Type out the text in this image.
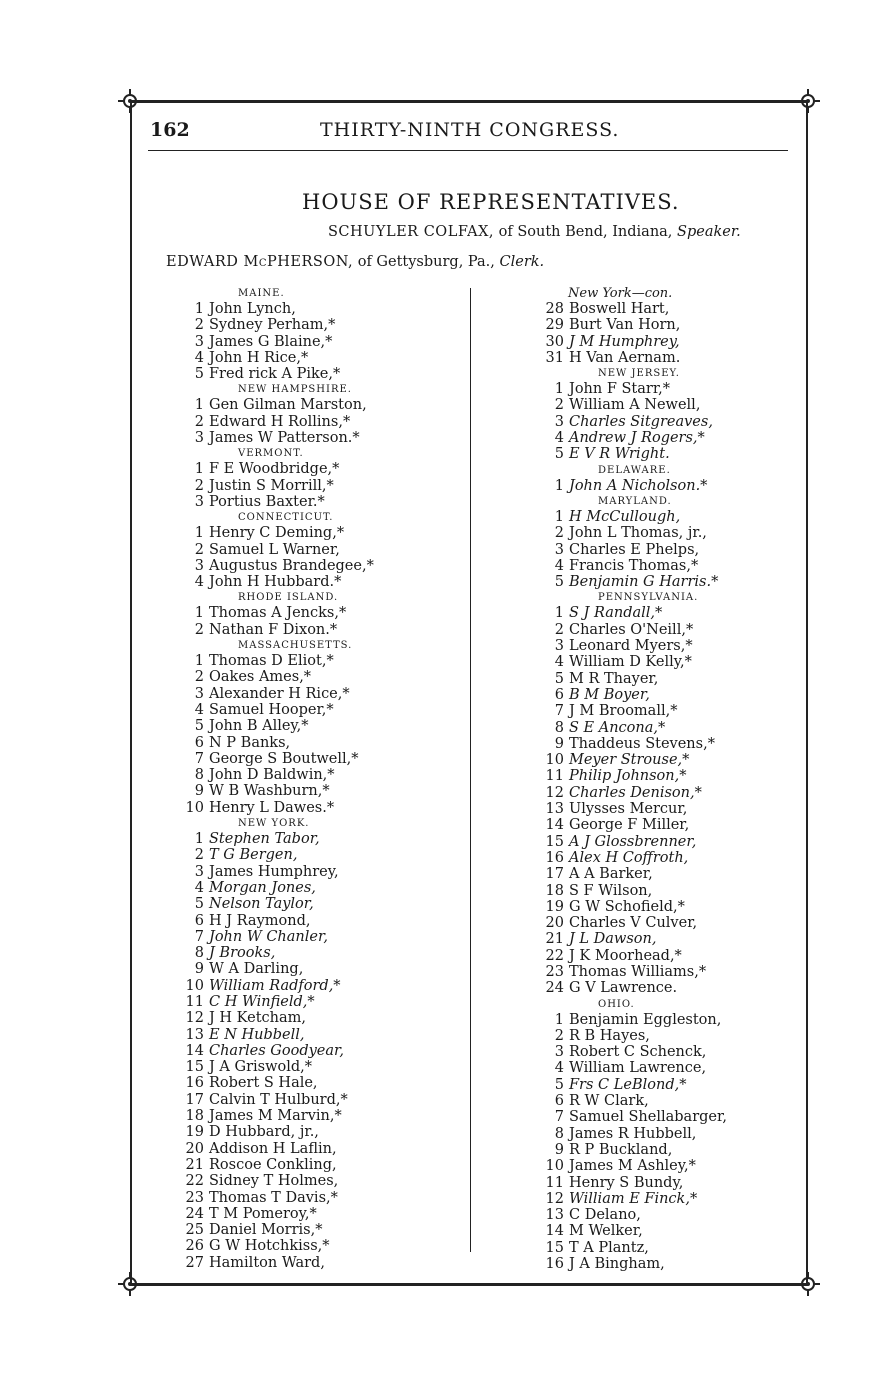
162	THIRTY-NINTH CONGRESS.
HOUSE OF REPRESENTATIVES.
SCHUYLER COLFAX, of South Bend, Indiana, Speaker.
EDWARD McPHERSON, of Gettysburg, Pa., Clerk.
MAINE.
1 John Lynch,
2 Sydney Perham,*
3 James G Blaine,*
4 John H Rice,*
5 Fred rick A Pike,*
NEW HAMPSHIRE.
1 Gen Gilman Marston,
2 Edward H Rollins,*
3 James W Patterson.*
VERMONT.
1 F E Woodbridge,*
2 Justin S Morrill,*
3 Portius Baxter.*
CONNECTICUT.
1 Henry C Deming,*
2 Samuel L Warner,
3 Augustus Brandegee,*
4 John H Hubbard.*
RHODE ISLAND.
1 Thomas A Jencks,*
2 Nathan F Dixon.*
MASSACHUSETTS.
1 Thomas D Eliot,*
2 Oakes Ames,*
3 Alexander H Rice,*
4 Samuel Hooper,*
5 John B Alley,*
6 N P Banks,
7 George S Boutwell,*
8 John D Baldwin,*
9 W B Washburn,*
10 Henry L Dawes.*
NEW YORK.
1 Stephen Tabor,
2 T G Bergen,
3 James Humphrey,
4 Morgan Jones,
5 Nelson Taylor,
6 H J Raymond,
7 John W Chanler,
8 J Brooks,
9 W A Darling,
10 William Radford,*
11 C H Winfield,*
12 J H Ketcham,
13 E N Hubbell,
14 Charles Goodyear,
15 J A Griswold,*
16 Robert S Hale,
17 Calvin T Hulburd,*
18 James M Marvin,*
19 D Hubbard, jr.,
20 Addison H Laflin,
21 Roscoe Conkling,
22 Sidney T Holmes,
23 Thomas T Davis,*
24 T M Pomeroy,*
25 Daniel Morris,*
26 G W Hotchkiss,*
27 Hamilton Ward,
New York—con.
28 Boswell Hart,
29 Burt Van Horn,
30 J M Humphrey,
31 H Van Aernam.
NEW JERSEY.
1 John F Starr,*
2 William A Newell,
3 Charles Sitgreaves,
4 Andrew J Rogers,*
5 E V R Wright.
DELAWARE.
1 John A Nicholson.*
MARYLAND.
1 H McCullough,
2 John L Thomas, jr.,
3 Charles E Phelps,
4 Francis Thomas,*
5 Benjamin G Harris.*
PENNSYLVANIA.
1 S J Randall,*
2 Charles O'Neill,*
3 Leonard Myers,*
4 William D Kelly,*
5 M R Thayer,
6 B M Boyer,
7 J M Broomall,*
8 S E Ancona,*
9 Thaddeus Stevens,*
10 Meyer Strouse,*
11 Philip Johnson,*
12 Charles Denison,*
13 Ulysses Mercur,
14 George F Miller,
15 A J Glossbrenner,
16 Alex H Coffroth,
17 A A Barker,
18 S F Wilson,
19 G W Schofield,*
20 Charles V Culver,
21 J L Dawson,
22 J K Moorhead,*
23 Thomas Williams,*
24 G V Lawrence.
OHIO.
1 Benjamin Eggleston,
2 R B Hayes,
3 Robert C Schenck,
4 William Lawrence,
5 Frs C LeBlond,*
6 R W Clark,
7 Samuel Shellabarger,
8 James R Hubbell,
9 R P Buckland,
10 James M Ashley,*
11 Henry S Bundy,
12 William E Finck,*
13 C Delano,
14 M Welker,
15 T A Plantz,
16 J A Bingham,
